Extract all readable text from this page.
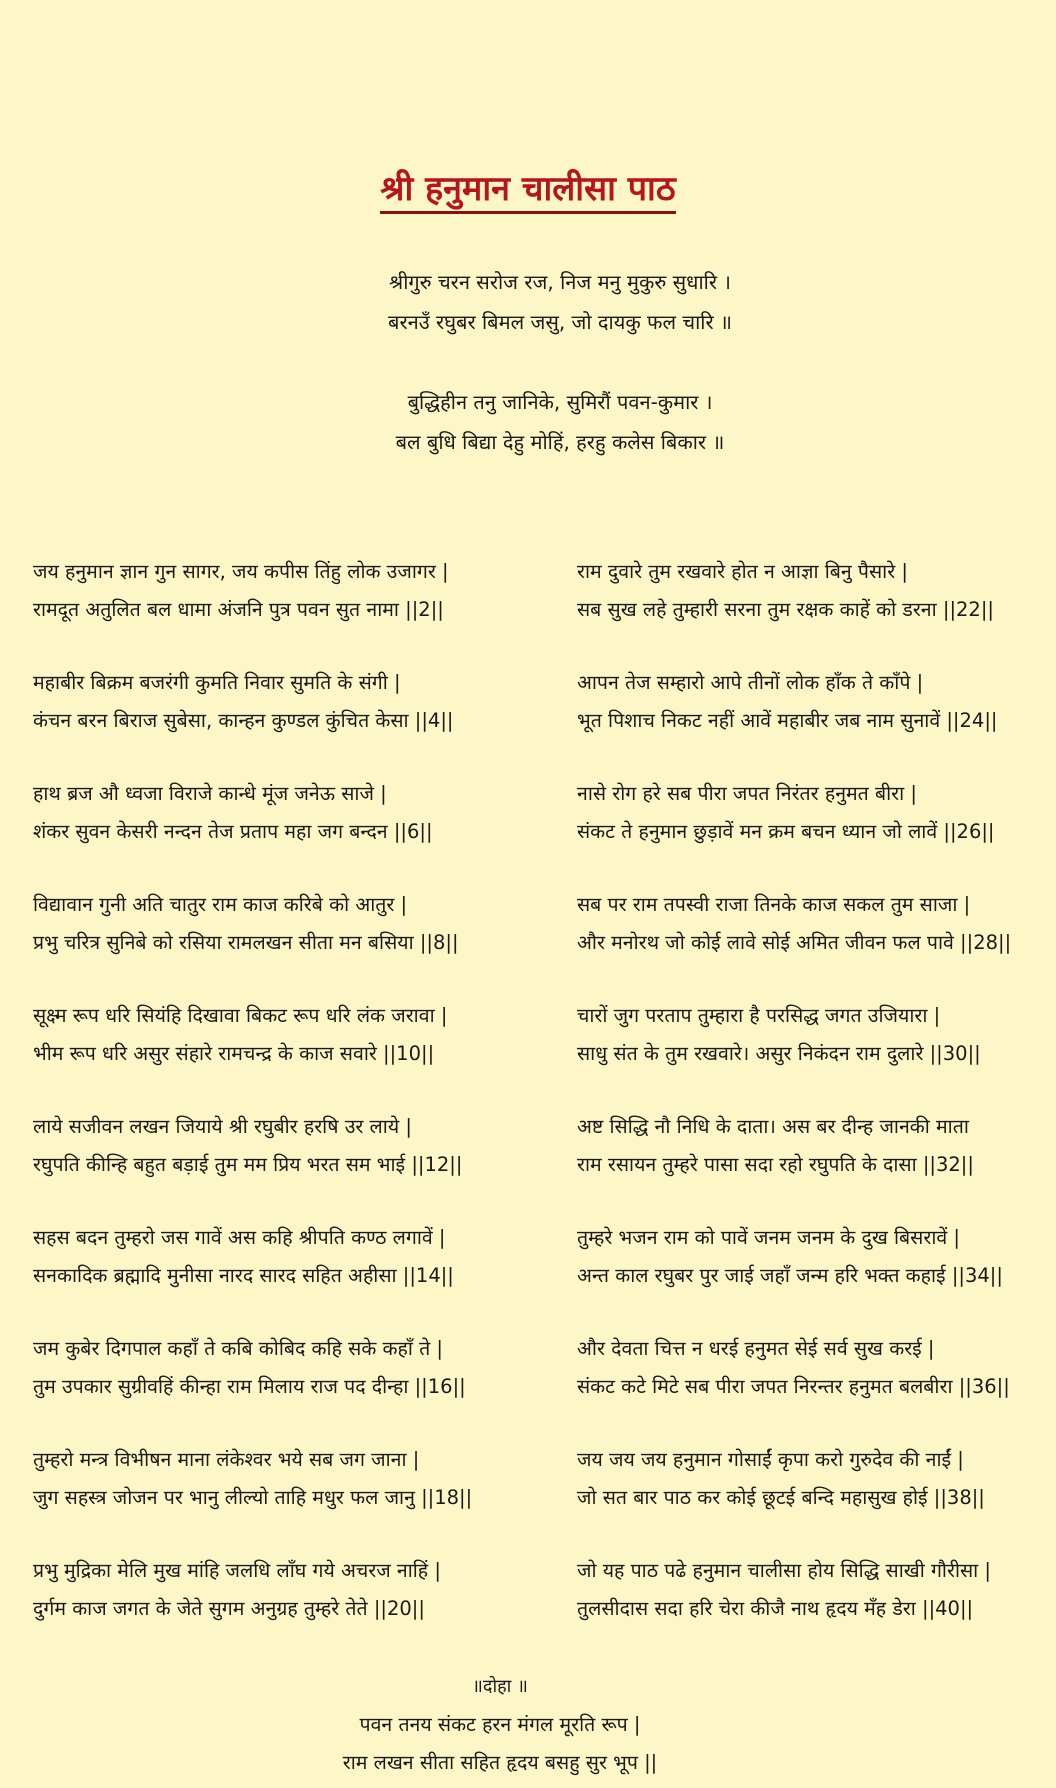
श्री हनुमान चालीसा पाठ
श्रीगुरु चरन सरोज रज, निज मनु मुकुरु सुधारि ।
बरनउँ रघुबर बिमल जसु, जो दायकु फल चारि ॥
बुद्धिहीन तनु जानिके, सुमिरौं पवन-कुमार ।
बल बुधि बिद्या देहु मोहिं, हरहु कलेस बिकार ॥
जय हनुमान ज्ञान गुन सागर, जय कपीस तिंहु लोक उजागर |
रामदूत अतुलित बल धामा अंजनि पुत्र पवन सुत नामा ||2||
महाबीर बिक्रम बजरंगी कुमति निवार सुमति के संगी |
कंचन बरन बिराज सुबेसा, कान्हन कुण्डल कुंचित केसा ||4||
हाथ ब्रज औ ध्वजा विराजे कान्धे मूंज जनेऊ साजे |
शंकर सुवन केसरी नन्दन तेज प्रताप महा जग बन्दन ||6||
विद्यावान गुनी अति चातुर राम काज करिबे को आतुर |
प्रभु चरित्र सुनिबे को रसिया रामलखन सीता मन बसिया ||8||
सूक्ष्म रूप धरि सियंहि दिखावा बिकट रूप धरि लंक जरावा |
भीम रूप धरि असुर संहारे रामचन्द्र के काज सवारे ||10||
लाये सजीवन लखन जियाये श्री रघुबीर हरषि उर लाये |
रघुपति कीन्हि बहुत बड़ाई तुम मम प्रिय भरत सम भाई ||12||
सहस बदन तुम्हरो जस गावें अस कहि श्रीपति कण्ठ लगावें |
सनकादिक ब्रह्मादि मुनीसा नारद सारद सहित अहीसा ||14||
जम कुबेर दिगपाल कहाँ ते कबि कोबिद कहि सके कहाँ ते |
तुम उपकार सुग्रीवहिं कीन्हा राम मिलाय राज पद दीन्हा ||16||
तुम्हरो मन्त्र विभीषन माना लंकेश्वर भये सब जग जाना |
जुग सहस्त्र जोजन पर भानु लील्यो ताहि मधुर फल जानु ||18||
प्रभु मुद्रिका मेलि मुख मांहि जलधि लाँघ गये अचरज नाहिं |
दुर्गम काज जगत के जेते सुगम अनुग्रह तुम्हरे तेते ||20||
राम दुवारे तुम रखवारे होत न आज्ञा बिनु पैसारे |
सब सुख लहे तुम्हारी सरना तुम रक्षक काहें को डरना ||22||
आपन तेज सम्हारो आपे तीनों लोक हाँक ते काँपे |
भूत पिशाच निकट नहीं आवें महाबीर जब नाम सुनावें ||24||
नासे रोग हरे सब पीरा जपत निरंतर हनुमत बीरा |
संकट ते हनुमान छुड़ावें मन क्रम बचन ध्यान जो लावें ||26||
सब पर राम तपस्वी राजा तिनके काज सकल तुम साजा |
और मनोरथ जो कोई लावे सोई अमित जीवन फल पावे ||28||
चारों जुग परताप तुम्हारा है परसिद्ध जगत उजियारा |
साधु संत के तुम रखवारे। असुर निकंदन राम दुलारे ||30||
अष्ट सिद्धि नौ निधि के दाता। अस बर दीन्ह जानकी माता
राम रसायन तुम्हरे पासा सदा रहो रघुपति के दासा ||32||
तुम्हरे भजन राम को पावें जनम जनम के दुख बिसरावें |
अन्त काल रघुबर पुर जाई जहाँ जन्म हरि भक्त कहाई ||34||
और देवता चित्त न धरई हनुमत सेई सर्व सुख करई |
संकट कटे मिटे सब पीरा जपत निरन्तर हनुमत बलबीरा ||36||
जय जय जय हनुमान गोसाईं कृपा करो गुरुदेव की नाईं |
जो सत बार पाठ कर कोई छूटई बन्दि महासुख होई ||38||
जो यह पाठ पढे हनुमान चालीसा होय सिद्धि साखी गौरीसा |
तुलसीदास सदा हरि चेरा कीजै नाथ हृदय मँह डेरा ||40||
॥दोहा ॥
पवन तनय संकट हरन मंगल मूरति रूप |
राम लखन सीता सहित हृदय बसहु सुर भूप ||
